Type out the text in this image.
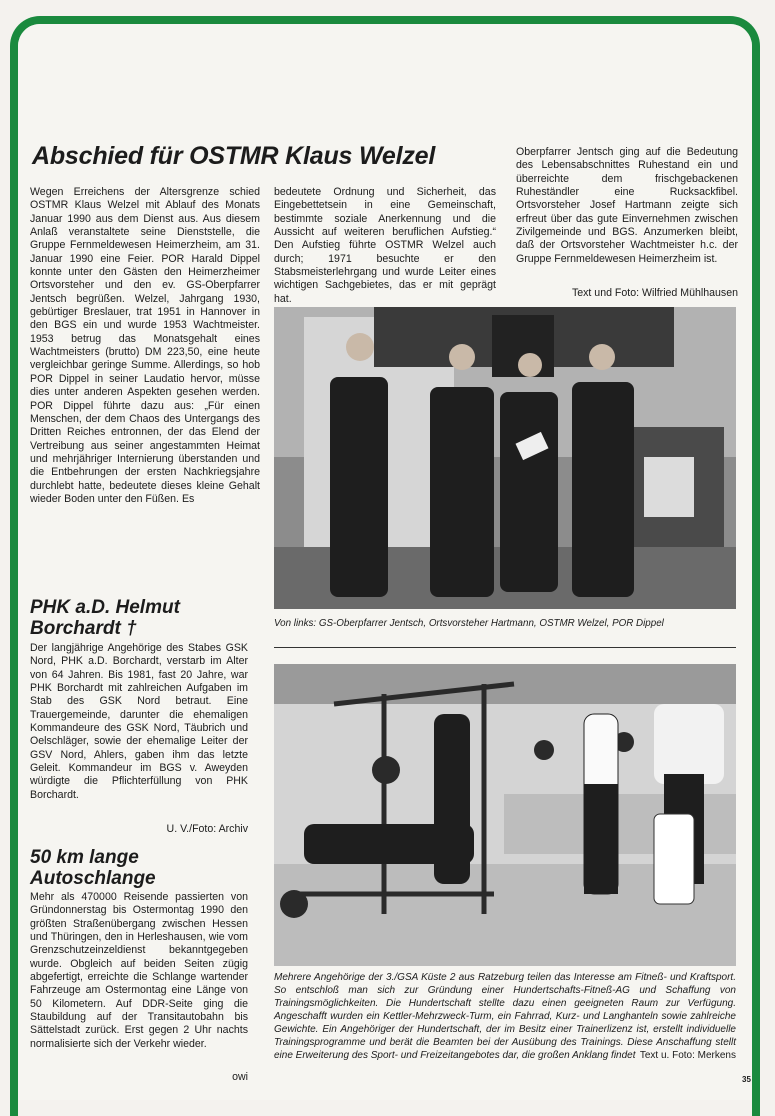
Abschied für OSTMR Klaus Welzel
Wegen Erreichens der Altersgrenze schied OSTMR Klaus Welzel mit Ablauf des Monats Januar 1990 aus dem Dienst aus. Aus diesem Anlaß veranstaltete seine Dienststelle, die Gruppe Fernmeldewesen Heimerzheim, am 31. Januar 1990 eine Feier. POR Harald Dippel konnte unter den Gästen den Heimerzheimer Ortsvorsteher und den ev. GS-Oberpfarrer Jentsch begrüßen. Welzel, Jahrgang 1930, gebürtiger Breslauer, trat 1951 in Hannover in den BGS ein und wurde 1953 Wachtmeister. 1953 betrug das Monatsgehalt eines Wachtmeisters (brutto) DM 223,50, eine heute vergleichbar geringe Summe. Allerdings, so hob POR Dippel in seiner Laudatio hervor, müsse dies unter anderen Aspekten gesehen werden. POR Dippel führte dazu aus: „Für einen Menschen, der dem Chaos des Untergangs des Dritten Reiches entronnen, der das Elend der Vertreibung aus seiner angestammten Heimat und mehrjähriger Internierung überstanden und die Entbehrungen der ersten Nachkriegsjahre durchlebt hatte, bedeutete dieses kleine Gehalt wieder Boden unter den Füßen. Es
bedeutete Ordnung und Sicherheit, das Eingebettetsein in eine Gemeinschaft, bestimmte soziale Anerkennung und die Aussicht auf weiteren beruflichen Aufstieg.“ Den Aufstieg führte OSTMR Welzel auch durch; 1971 besuchte er den Stabsmeisterlehrgang und wurde Leiter eines wichtigen Sachgebietes, das er mit geprägt hat.
Oberpfarrer Jentsch ging auf die Bedeutung des Lebensabschnittes Ruhestand ein und überreichte dem frischgebackenen Ruheständler eine Rucksackfibel. Ortsvorsteher Josef Hartmann zeigte sich erfreut über das gute Einvernehmen zwischen Zivilgemeinde und BGS. Anzumerken bleibt, daß der Ortsvorsteher Wachtmeister h.c. der Gruppe Fernmeldewesen Heimerzheim ist.
Text und Foto: Wilfried Mühlhausen
Von links: GS-Oberpfarrer Jentsch, Ortsvorsteher Hartmann, OSTMR Welzel, POR Dippel
PHK a.D. Helmut Borchardt †
Der langjährige Angehörige des Stabes GSK Nord, PHK a.D. Borchardt, verstarb im Alter von 64 Jahren. Bis 1981, fast 20 Jahre, war PHK Borchardt mit zahlreichen Aufgaben im Stab des GSK Nord betraut. Eine Trauergemeinde, darunter die ehemaligen Kommandeure des GSK Nord, Täubrich und Oelschläger, sowie der ehemalige Leiter der GSV Nord, Ahlers, gaben ihm das letzte Geleit. Kommandeur im BGS v. Aweyden würdigte die Pflichterfüllung von PHK Borchardt.
U. V./Foto: Archiv
50 km lange Autoschlange
Mehr als 470000 Reisende passierten von Gründonnerstag bis Ostermontag 1990 den größten Straßenübergang zwischen Hessen und Thüringen, den in Herleshausen, wie vom Grenzschutzeinzeldienst bekanntgegeben wurde. Obgleich auf beiden Seiten zügig abgefertigt, erreichte die Schlange wartender Fahrzeuge am Ostermontag eine Länge von 50 Kilometern. Auf DDR-Seite ging die Staubildung auf der Transitautobahn bis Sättelstadt zurück. Erst gegen 2 Uhr nachts normalisierte sich der Verkehr wieder.
owi
Mehrere Angehörige der 3./GSA Küste 2 aus Ratzeburg teilen das Interesse am Fitneß- und Kraftsport. So entschloß man sich zur Gründung einer Hundertschafts-Fitneß-AG und Schaffung von Trainingsmöglichkeiten. Die Hundertschaft stellte dazu einen geeigneten Raum zur Verfügung. Angeschafft wurden ein Kettler-Mehrzweck-Turm, ein Fahrrad, Kurz- und Langhanteln sowie zahlreiche Gewichte. Ein Angehöriger der Hundertschaft, der im Besitz einer Trainerlizenz ist, erstellt individuelle Trainingsprogramme und berät die Beamten bei der Ausübung des Trainings. Diese Anschaffung stellt eine Erweiterung des Sport- und Freizeitangebotes dar, die großen Anklang findet Text u. Foto: Merkens
35
